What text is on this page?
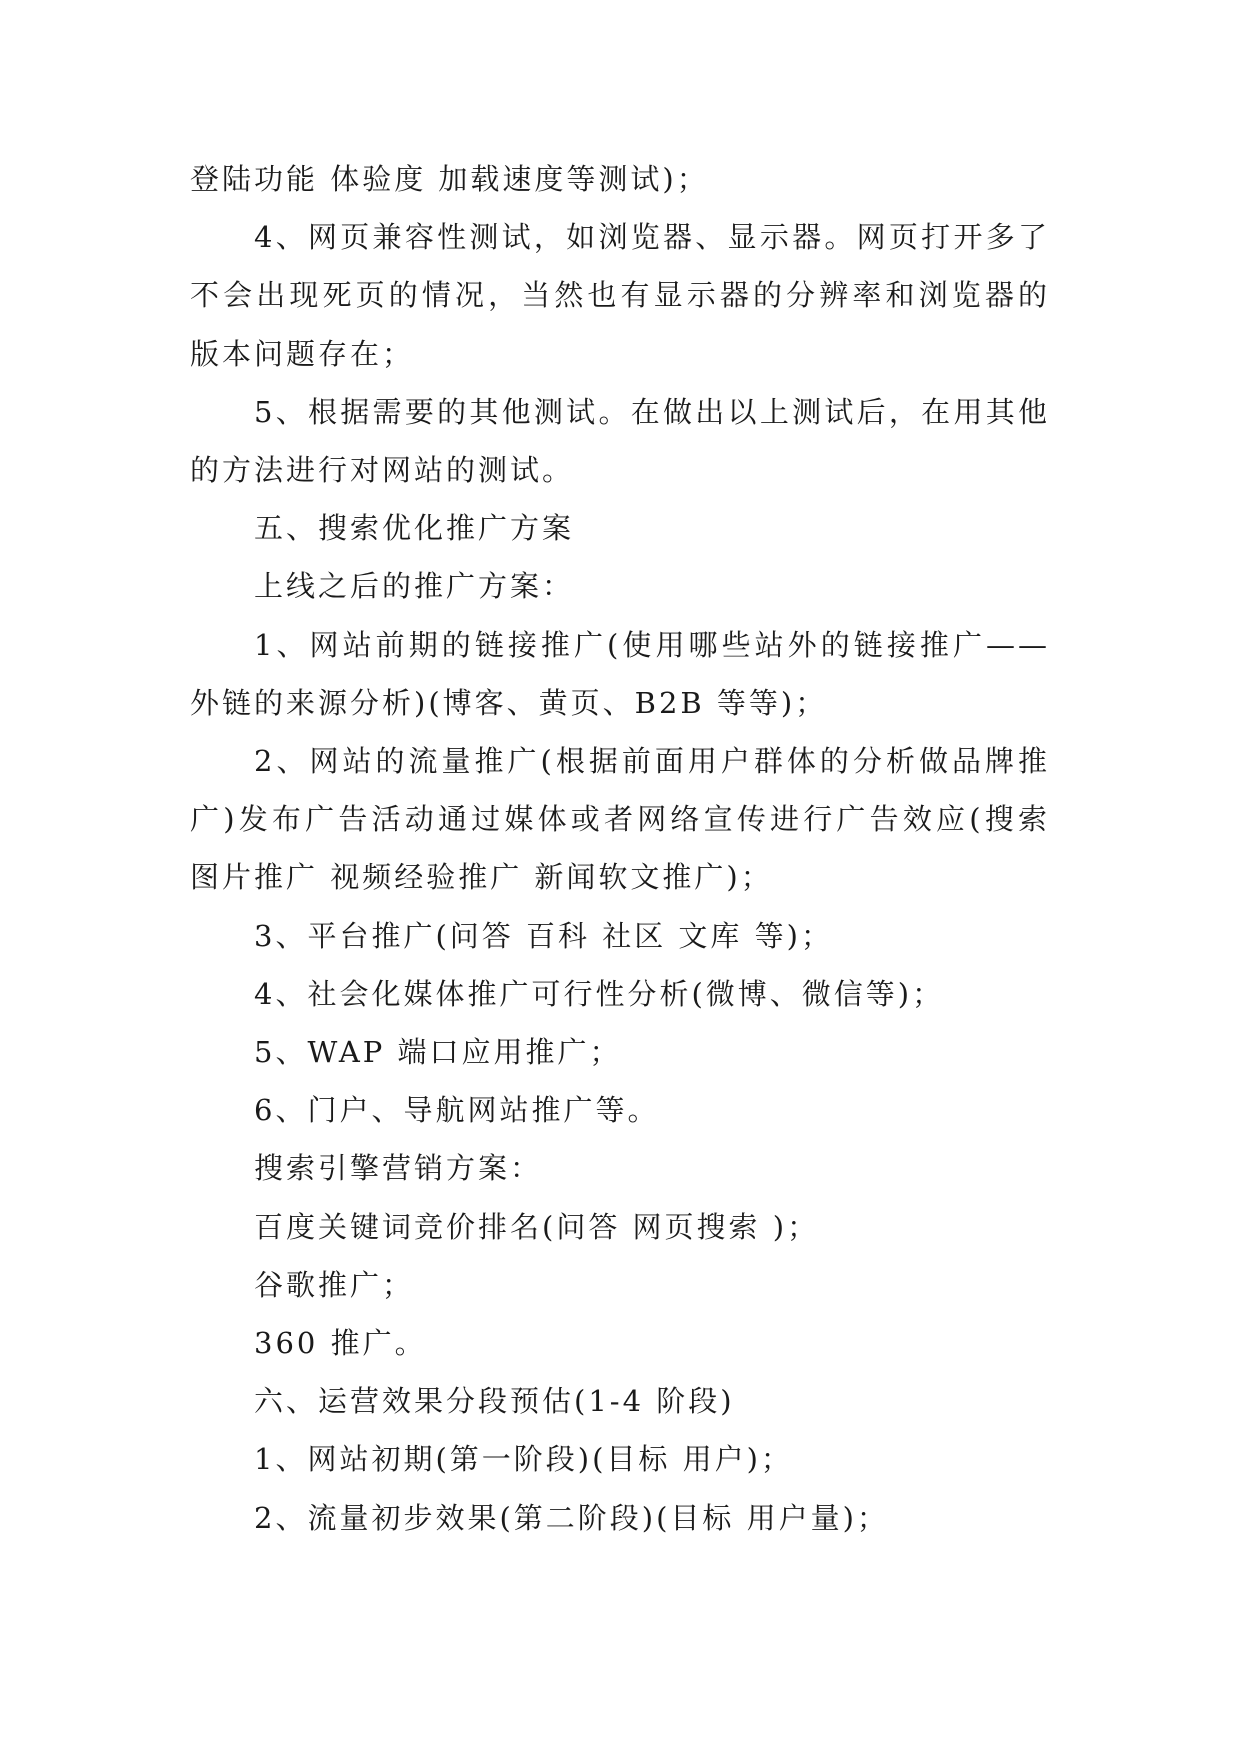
登陆功能 体验度 加载速度等测试)；

4、网页兼容性测试，如浏览器、显示器。网页打开多了不会出现死页的情况，当然也有显示器的分辨率和浏览器的版本问题存在；

5、根据需要的其他测试。在做出以上测试后，在用其他的方法进行对网站的测试。

五、搜索优化推广方案

上线之后的推广方案：

1、网站前期的链接推广(使用哪些站外的链接推广——外链的来源分析)(博客、黄页、B2B 等等)；

2、网站的流量推广(根据前面用户群体的分析做品牌推广)发布广告活动通过媒体或者网络宣传进行广告效应(搜索图片推广 视频经验推广 新闻软文推广)；

3、平台推广(问答 百科 社区 文库 等)；

4、社会化媒体推广可行性分析(微博、微信等)；

5、WAP 端口应用推广；

6、门户、导航网站推广等。

搜索引擎营销方案：

百度关键词竞价排名(问答 网页搜索 )；

谷歌推广；

360 推广。

六、运营效果分段预估(1-4 阶段)

1、网站初期(第一阶段)(目标 用户)；

2、流量初步效果(第二阶段)(目标 用户量)；
